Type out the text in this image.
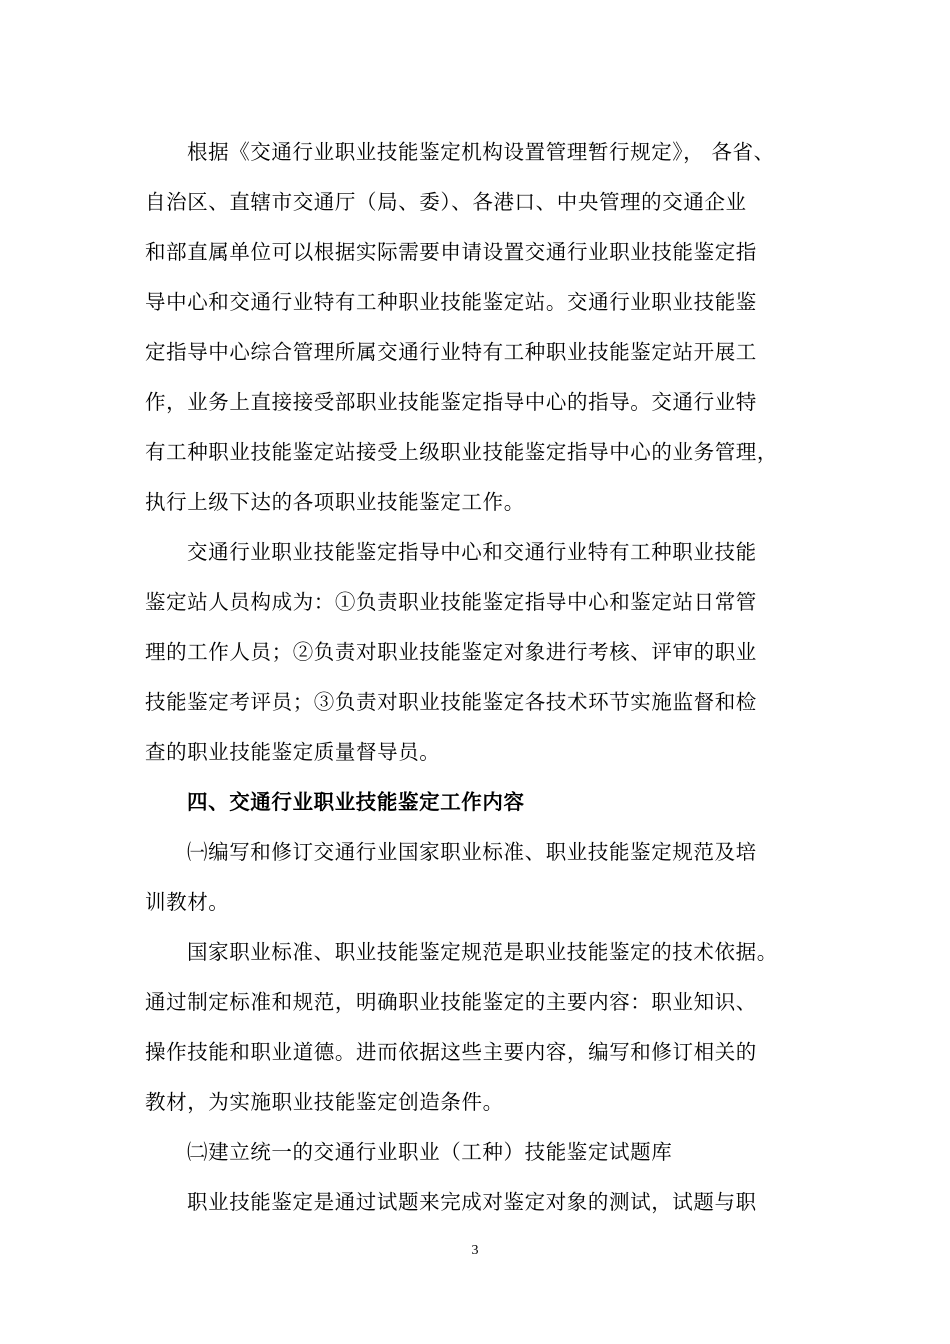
根据《交通行业职业技能鉴定机构设置管理暂行规定》， 各省、
自治区、直辖市交通厅（局、委）、各港口、中央管理的交通企业
和部直属单位可以根据实际需要申请设置交通行业职业技能鉴定指
导中心和交通行业特有工种职业技能鉴定站。交通行业职业技能鉴
定指导中心综合管理所属交通行业特有工种职业技能鉴定站开展工
作，业务上直接接受部职业技能鉴定指导中心的指导。交通行业特
有工种职业技能鉴定站接受上级职业技能鉴定指导中心的业务管理，
执行上级下达的各项职业技能鉴定工作。
交通行业职业技能鉴定指导中心和交通行业特有工种职业技能
鉴定站人员构成为：①负责职业技能鉴定指导中心和鉴定站日常管
理的工作人员；②负责对职业技能鉴定对象进行考核、评审的职业
技能鉴定考评员；③负责对职业技能鉴定各技术环节实施监督和检
查的职业技能鉴定质量督导员。
四、交通行业职业技能鉴定工作内容
㈠编写和修订交通行业国家职业标准、职业技能鉴定规范及培
训教材。
国家职业标准、职业技能鉴定规范是职业技能鉴定的技术依据。
通过制定标准和规范，明确职业技能鉴定的主要内容：职业知识、
操作技能和职业道德。进而依据这些主要内容，编写和修订相关的
教材，为实施职业技能鉴定创造条件。
㈡建立统一的交通行业职业（工种）技能鉴定试题库
职业技能鉴定是通过试题来完成对鉴定对象的测试，试题与职
3
